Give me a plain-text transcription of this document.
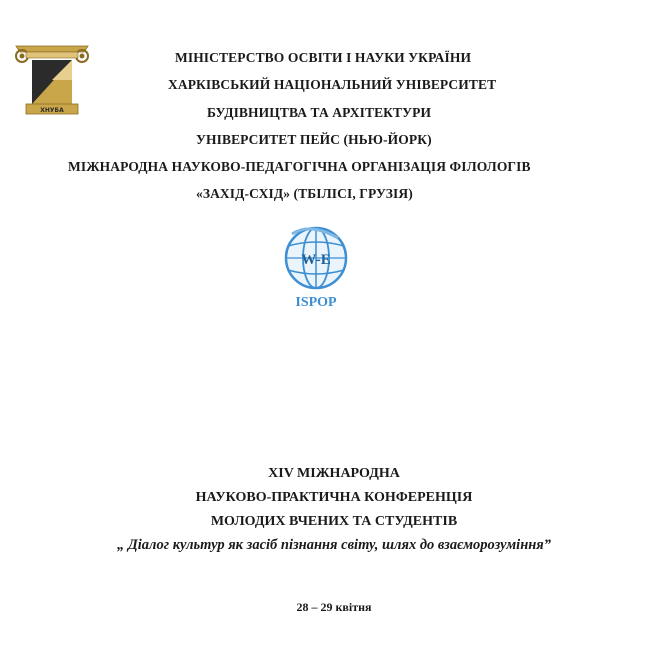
ХНУБА
МІНІСТЕРСТВО ОСВІТИ І НАУКИ УКРАЇНИ
ХАРКІВСЬКИЙ НАЦІОНАЛЬНИЙ УНІВЕРСИТЕТ
БУДІВНИЦТВА ТА АРХІТЕКТУРИ
УНІВЕРСИТЕТ ПЕЙС (НЬЮ-ЙОРК)
МІЖНАРОДНА НАУКОВО-ПЕДАГОГІЧНА ОРГАНІЗАЦІЯ ФІЛОЛОГІВ
«ЗАХІД-СХІД» (ТБІЛІСІ, ГРУЗІЯ)
W-E
ISPOP
XIV МІЖНАРОДНА
НАУКОВО-ПРАКТИЧНА КОНФЕРЕНЦІЯ
МОЛОДИХ ВЧЕНИХ ТА СТУДЕНТІВ
„ Діалог культур як засіб пізнання світу, шлях до взаєморозуміння”
28 – 29 квітня
